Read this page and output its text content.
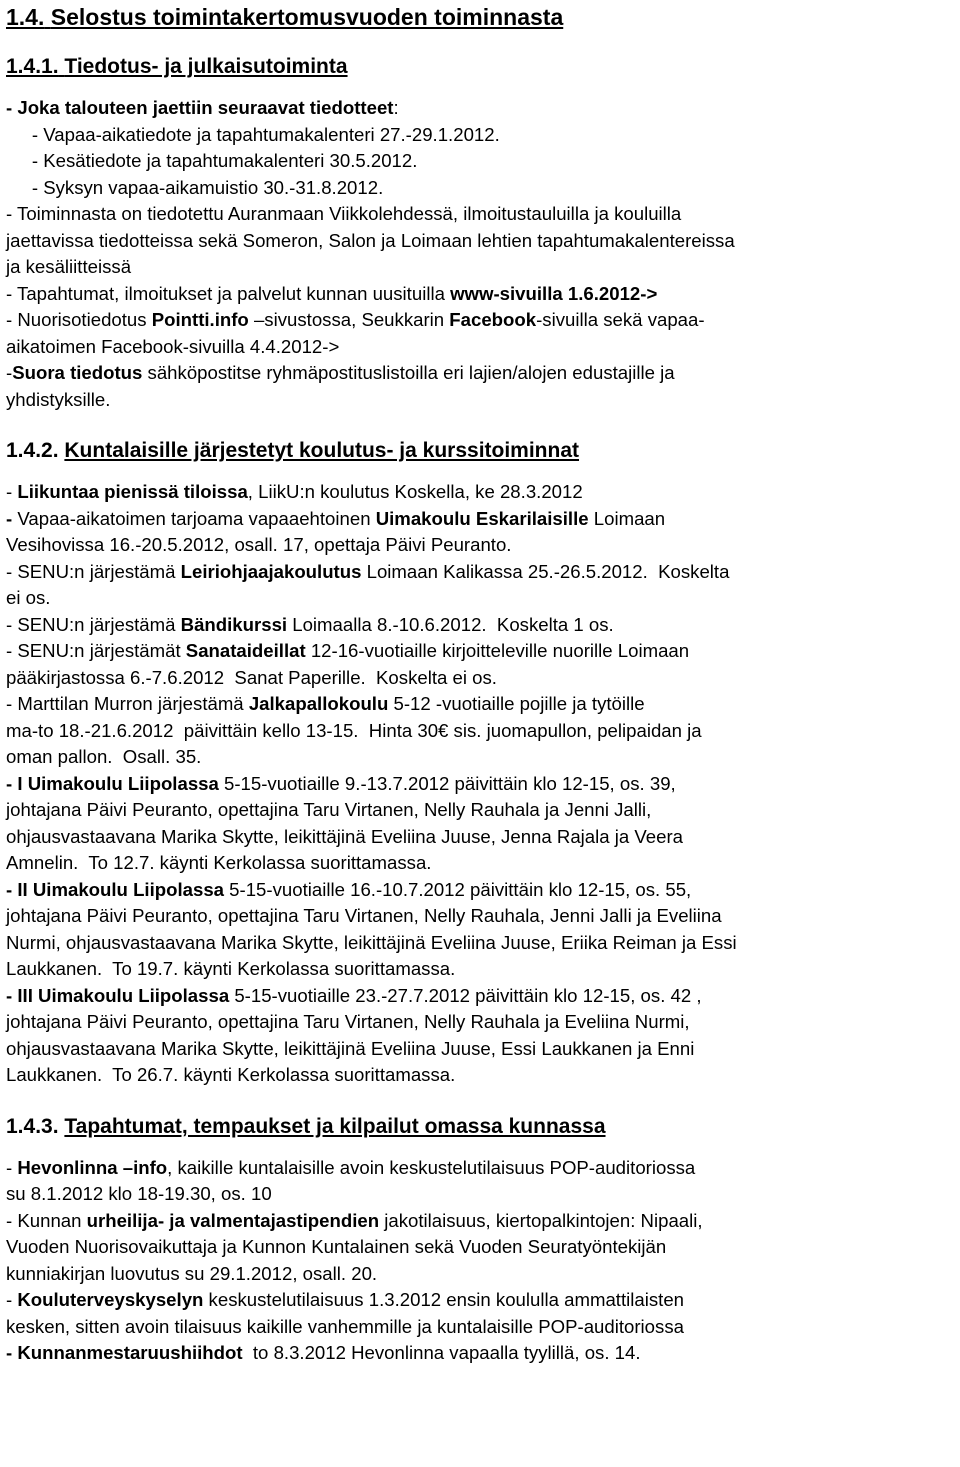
1.4. Selostus toimintakertomusvuoden toiminnasta
1.4.1. Tiedotus- ja julkaisutoiminta

- Joka talouteen jaettiin seuraavat tiedotteet:

- Vapaa-aikatiedote ja tapahtumakalenteri 27.-29.1.2012.

- Kesätiedote ja tapahtumakalenteri 30.5.2012.

- Syksyn vapaa-aikamuistio 30.-31.8.2012.

- Toiminnasta on tiedotettu Auranmaan Viikkolehdessä, ilmoitustauluilla ja kouluilla

jaettavissa tiedotteissa sekä Someron, Salon ja Loimaan lehtien tapahtumakalentereissa

ja kesäliitteissä

- Tapahtumat, ilmoitukset ja palvelut kunnan uusituilla www-sivuilla 1.6.2012->

- Nuorisotiedotus Pointti.info –sivustossa, Seukkarin Facebook-sivuilla sekä vapaa-

aikatoimen Facebook-sivuilla 4.4.2012->

-Suora tiedotus sähköpostitse ryhmäpostituslistoilla eri lajien/alojen edustajille ja

yhdistyksille.

1.4.2. Kuntalaisille järjestetyt koulutus- ja kurssitoiminnat

- Liikuntaa pienissä tiloissa, LiikU:n koulutus Koskella, ke 28.3.2012

- Vapaa-aikatoimen tarjoama vapaaehtoinen Uimakoulu Eskarilaisille Loimaan

Vesihovissa 16.-20.5.2012, osall. 17, opettaja Päivi Peuranto.

- SENU:n järjestämä Leiriohjaajakoulutus Loimaan Kalikassa 25.-26.5.2012.  Koskelta

ei os.

- SENU:n järjestämä Bändikurssi Loimaalla 8.-10.6.2012.  Koskelta 1 os.

- SENU:n järjestämät Sanataideillat 12-16-vuotiaille kirjoitteleville nuorille Loimaan

pääkirjastossa 6.-7.6.2012  Sanat Paperille.  Koskelta ei os.

- Marttilan Murron järjestämä Jalkapallokoulu 5-12 -vuotiaille pojille ja tytöille

ma-to 18.-21.6.2012  päivittäin kello 13-15.  Hinta 30€ sis. juomapullon, pelipaidan ja

oman pallon.  Osall. 35.

- I Uimakoulu Liipolassa 5-15-vuotiaille 9.-13.7.2012 päivittäin klo 12-15, os. 39,

johtajana Päivi Peuranto, opettajina Taru Virtanen, Nelly Rauhala ja Jenni Jalli,

ohjausvastaavana Marika Skytte, leikittäjinä Eveliina Juuse, Jenna Rajala ja Veera

Amnelin.  To 12.7. käynti Kerkolassa suorittamassa.

- II Uimakoulu Liipolassa 5-15-vuotiaille 16.-10.7.2012 päivittäin klo 12-15, os. 55,

johtajana Päivi Peuranto, opettajina Taru Virtanen, Nelly Rauhala, Jenni Jalli ja Eveliina

Nurmi, ohjausvastaavana Marika Skytte, leikittäjinä Eveliina Juuse, Eriika Reiman ja Essi

Laukkanen.  To 19.7. käynti Kerkolassa suorittamassa.

- III Uimakoulu Liipolassa 5-15-vuotiaille 23.-27.7.2012 päivittäin klo 12-15, os. 42 ,

johtajana Päivi Peuranto, opettajina Taru Virtanen, Nelly Rauhala ja Eveliina Nurmi,

ohjausvastaavana Marika Skytte, leikittäjinä Eveliina Juuse, Essi Laukkanen ja Enni

Laukkanen.  To 26.7. käynti Kerkolassa suorittamassa.

1.4.3. Tapahtumat, tempaukset ja kilpailut omassa kunnassa

- Hevonlinna –info, kaikille kuntalaisille avoin keskustelutilaisuus POP-auditoriossa

su 8.1.2012 klo 18-19.30, os. 10

- Kunnan urheilija- ja valmentajastipendien jakotilaisuus, kiertopalkintojen: Nipaali,

Vuoden Nuorisovaikuttaja ja Kunnon Kuntalainen sekä Vuoden Seuratyöntekijän

kunniakirjan luovutus su 29.1.2012, osall. 20.

- Kouluterveyskyselyn keskustelutilaisuus 1.3.2012 ensin koululla ammattilaisten

kesken, sitten avoin tilaisuus kaikille vanhemmille ja kuntalaisille POP-auditoriossa

- Kunnanmestaruushiihdot  to 8.3.2012 Hevonlinna vapaalla tyylillä, os. 14.
